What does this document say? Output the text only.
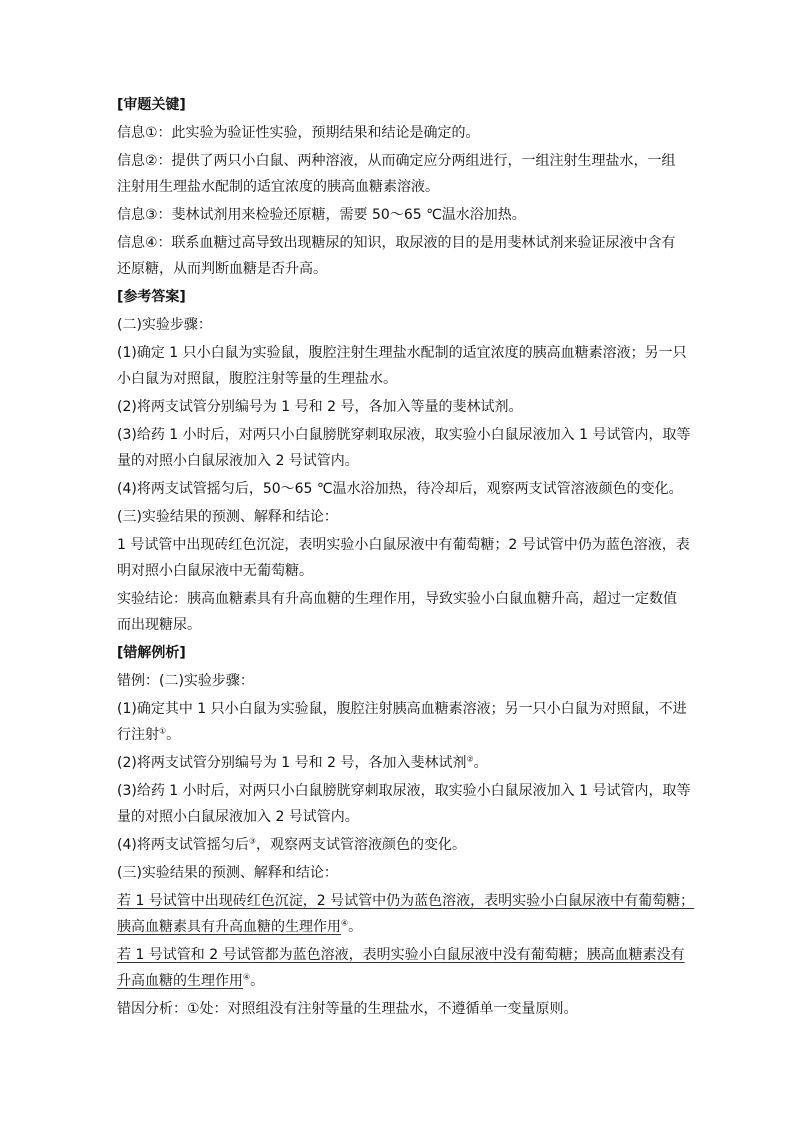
[审题关键]
信息①：此实验为验证性实验，预期结果和结论是确定的。
信息②：提供了两只小白鼠、两种溶液，从而确定应分两组进行，一组注射生理盐水，一组
注射用生理盐水配制的适宜浓度的胰高血糖素溶液。
信息③：斐林试剂用来检验还原糖，需要 50～65 ℃温水浴加热。
信息④：联系血糖过高导致出现糖尿的知识，取尿液的目的是用斐林试剂来验证尿液中含有
还原糖，从而判断血糖是否升高。
[参考答案]
(二)实验步骤：
(1)确定 1 只小白鼠为实验鼠，腹腔注射生理盐水配制的适宜浓度的胰高血糖素溶液；另一只
小白鼠为对照鼠，腹腔注射等量的生理盐水。
(2)将两支试管分别编号为 1 号和 2 号，各加入等量的斐林试剂。
(3)给药 1 小时后，对两只小白鼠膀胱穿刺取尿液，取实验小白鼠尿液加入 1 号试管内，取等
量的对照小白鼠尿液加入 2 号试管内。
(4)将两支试管摇匀后，50～65 ℃温水浴加热，待冷却后，观察两支试管溶液颜色的变化。
(三)实验结果的预测、解释和结论：
1 号试管中出现砖红色沉淀，表明实验小白鼠尿液中有葡萄糖；2 号试管中仍为蓝色溶液，表
明对照小白鼠尿液中无葡萄糖。
实验结论：胰高血糖素具有升高血糖的生理作用，导致实验小白鼠血糖升高，超过一定数值
而出现糖尿。
[错解例析]
错例：(二)实验步骤：
(1)确定其中 1 只小白鼠为实验鼠，腹腔注射胰高血糖素溶液；另一只小白鼠为对照鼠，不进
行注射①。
(2)将两支试管分别编号为 1 号和 2 号，各加入斐林试剂②。
(3)给药 1 小时后，对两只小白鼠膀胱穿刺取尿液，取实验小白鼠尿液加入 1 号试管内，取等
量的对照小白鼠尿液加入 2 号试管内。
(4)将两支试管摇匀后③，观察两支试管溶液颜色的变化。
(三)实验结果的预测、解释和结论：
若 1 号试管中出现砖红色沉淀，2 号试管中仍为蓝色溶液，表明实验小白鼠尿液中有葡萄糖；
胰高血糖素具有升高血糖的生理作用④。
若 1 号试管和 2 号试管都为蓝色溶液，表明实验小白鼠尿液中没有葡萄糖；胰高血糖素没有
升高血糖的生理作用④。
错因分析：①处：对照组没有注射等量的生理盐水，不遵循单一变量原则。
